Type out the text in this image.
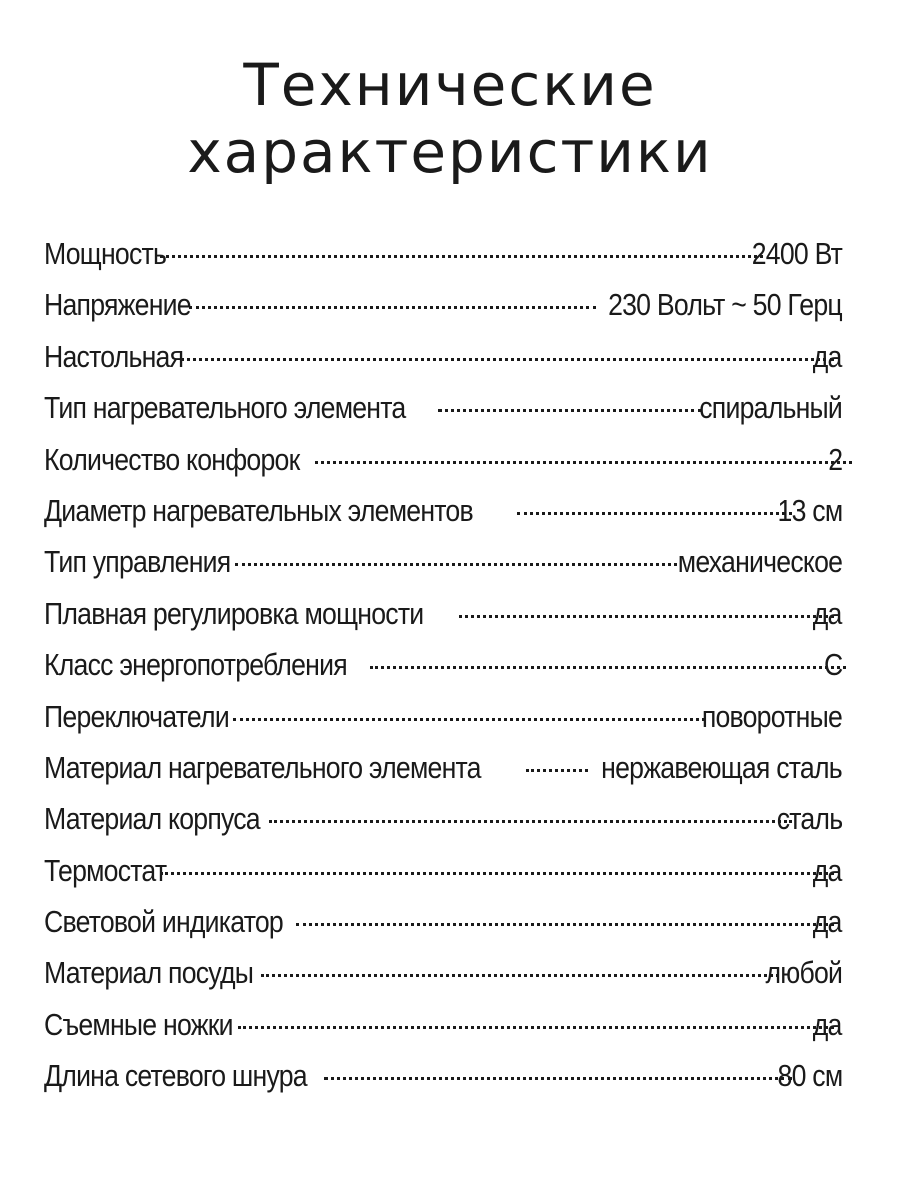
Технические
характеристики
Мощность	2400 Вт
Напряжение	230 Вольт ~ 50 Герц
Настольная	да
Тип нагревательного элемента	спиральный
Количество конфорок	2
Диаметр нагревательных элементов	13 см
Тип управления	механическое
Плавная регулировка мощности	да
Класс энергопотребления	С
Переключатели	поворотные
Материал нагревательного элемента	нержавеющая сталь
Материал корпуса	сталь
Термостат	да
Световой индикатор	да
Материал посуды	любой
Съемные ножки	да
Длина сетевого шнура	80 см
